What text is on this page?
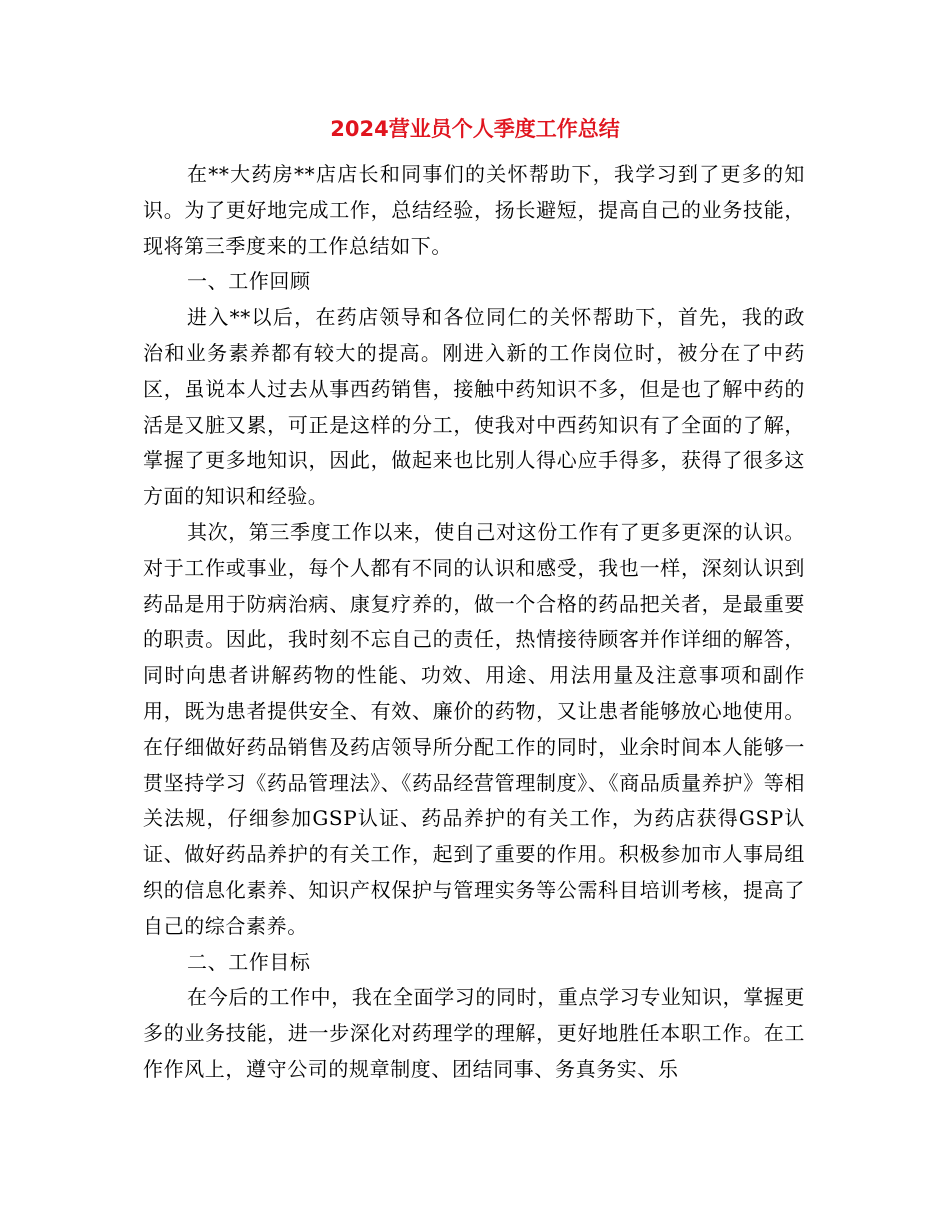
2024营业员个人季度工作总结

在**大药房**店店长和同事们的关怀帮助下，我学习到了更多的知识。为了更好地完成工作，总结经验，扬长避短，提高自己的业务技能，现将第三季度来的工作总结如下。

一、工作回顾

进入**以后，在药店领导和各位同仁的关怀帮助下，首先，我的政治和业务素养都有较大的提高。刚进入新的工作岗位时，被分在了中药区，虽说本人过去从事西药销售，接触中药知识不多，但是也了解中药的活是又脏又累，可正是这样的分工，使我对中西药知识有了全面的了解，掌握了更多地知识，因此，做起来也比别人得心应手得多，获得了很多这方面的知识和经验。

其次，第三季度工作以来，使自己对这份工作有了更多更深的认识。对于工作或事业，每个人都有不同的认识和感受，我也一样，深刻认识到药品是用于防病治病、康复疗养的，做一个合格的药品把关者，是最重要的职责。因此，我时刻不忘自己的责任，热情接待顾客并作详细的解答，同时向患者讲解药物的性能、功效、用途、用法用量及注意事项和副作用，既为患者提供安全、有效、廉价的药物，又让患者能够放心地使用。 在仔细做好药品销售及药店领导所分配工作的同时，业余时间本人能够一贯坚持学习《药品管理法》、《药品经营管理制度》、《商品质量养护》等相关法规，仔细参加GSP认证、药品养护的有关工作，为药店获得GSP认证、做好药品养护的有关工作，起到了重要的作用。积极参加市人事局组织的信息化素养、知识产权保护与管理实务等公需科目培训考核，提高了自己的综合素养。

二、工作目标

在今后的工作中，我在全面学习的同时，重点学习专业知识，掌握更多的业务技能，进一步深化对药理学的理解，更好地胜任本职工作。在工作作风上，遵守公司的规章制度、团结同事、务真务实、乐
